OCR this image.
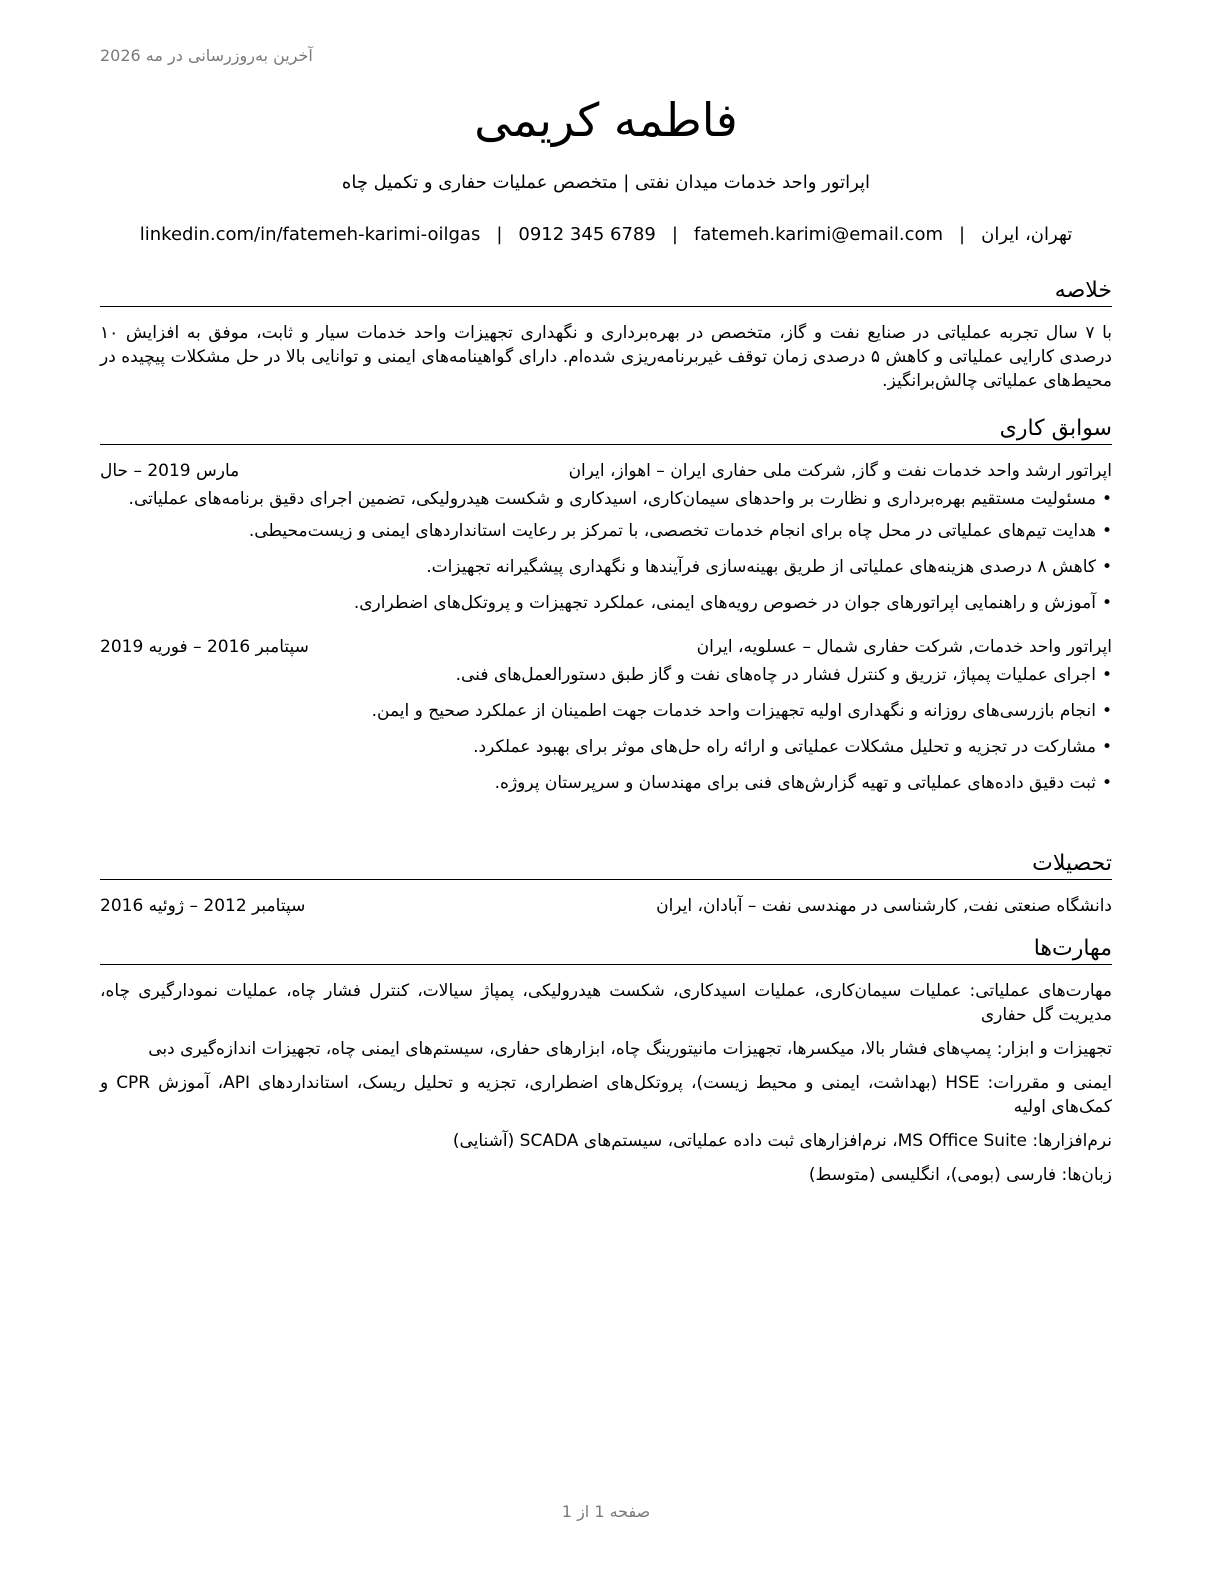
آخرین به‌روزرسانی در مه 2026
فاطمه کریمی
اپراتور واحد خدمات میدان نفتی | متخصص عملیات حفاری و تکمیل چاه
تهران، ایران
|
fatemeh.karimi@email.com
|
0912 345 6789
|
linkedin.com/in/fatemeh-karimi-oilgas
خلاصه
با ۷ سال تجربه عملیاتی در صنایع نفت و گاز، متخصص در بهره‌برداری و نگهداری تجهیزات واحد خدمات سیار و ثابت، موفق به افزایش ۱۰ درصدی کارایی عملیاتی و کاهش ۵ درصدی زمان توقف غیربرنامه‌ریزی شده‌ام. دارای گواهینامه‌های ایمنی و توانایی بالا در حل مشکلات پیچیده در محیط‌های عملیاتی چالش‌برانگیز.
سوابق کاری
اپراتور ارشد واحد خدمات نفت و گاز, شرکت ملی حفاری ایران – اهواز، ایران
مارس 2019 – حال
• مسئولیت مستقیم بهره‌برداری و نظارت بر واحدهای سیمان‌کاری، اسیدکاری و شکست هیدرولیکی، تضمین اجرای دقیق برنامه‌های عملیاتی.
• هدایت تیم‌های عملیاتی در محل چاه برای انجام خدمات تخصصی، با تمرکز بر رعایت استانداردهای ایمنی و زیست‌محیطی.
• کاهش ۸ درصدی هزینه‌های عملیاتی از طریق بهینه‌سازی فرآیندها و نگهداری پیشگیرانه تجهیزات.
• آموزش و راهنمایی اپراتورهای جوان در خصوص رویه‌های ایمنی، عملکرد تجهیزات و پروتکل‌های اضطراری.
اپراتور واحد خدمات, شرکت حفاری شمال – عسلویه، ایران
سپتامبر 2016 – فوریه 2019
• اجرای عملیات پمپاژ، تزریق و کنترل فشار در چاه‌های نفت و گاز طبق دستورالعمل‌های فنی.
• انجام بازرسی‌های روزانه و نگهداری اولیه تجهیزات واحد خدمات جهت اطمینان از عملکرد صحیح و ایمن.
• مشارکت در تجزیه و تحلیل مشکلات عملیاتی و ارائه راه حل‌های موثر برای بهبود عملکرد.
• ثبت دقیق داده‌های عملیاتی و تهیه گزارش‌های فنی برای مهندسان و سرپرستان پروژه.
تحصیلات
دانشگاه صنعتی نفت, کارشناسی در مهندسی نفت – آبادان، ایران
سپتامبر 2012 – ژوئیه 2016
مهارت‌ها
مهارت‌های عملیاتی: عملیات سیمان‌کاری، عملیات اسیدکاری، شکست هیدرولیکی، پمپاژ سیالات، کنترل فشار چاه، عملیات نمودارگیری چاه، مدیریت گل حفاری
تجهیزات و ابزار: پمپ‌های فشار بالا، میکسرها، تجهیزات مانیتورینگ چاه، ابزارهای حفاری، سیستم‌های ایمنی چاه، تجهیزات اندازه‌گیری دبی
ایمنی و مقررات: HSE (بهداشت، ایمنی و محیط زیست)، پروتکل‌های اضطراری، تجزیه و تحلیل ریسک، استانداردهای API، آموزش CPR و کمک‌های اولیه
نرم‌افزارها: MS Office Suite، نرم‌افزارهای ثبت داده عملیاتی، سیستم‌های SCADA (آشنایی)
زبان‌ها: فارسی (بومی)، انگلیسی (متوسط)
صفحه 1 از 1
